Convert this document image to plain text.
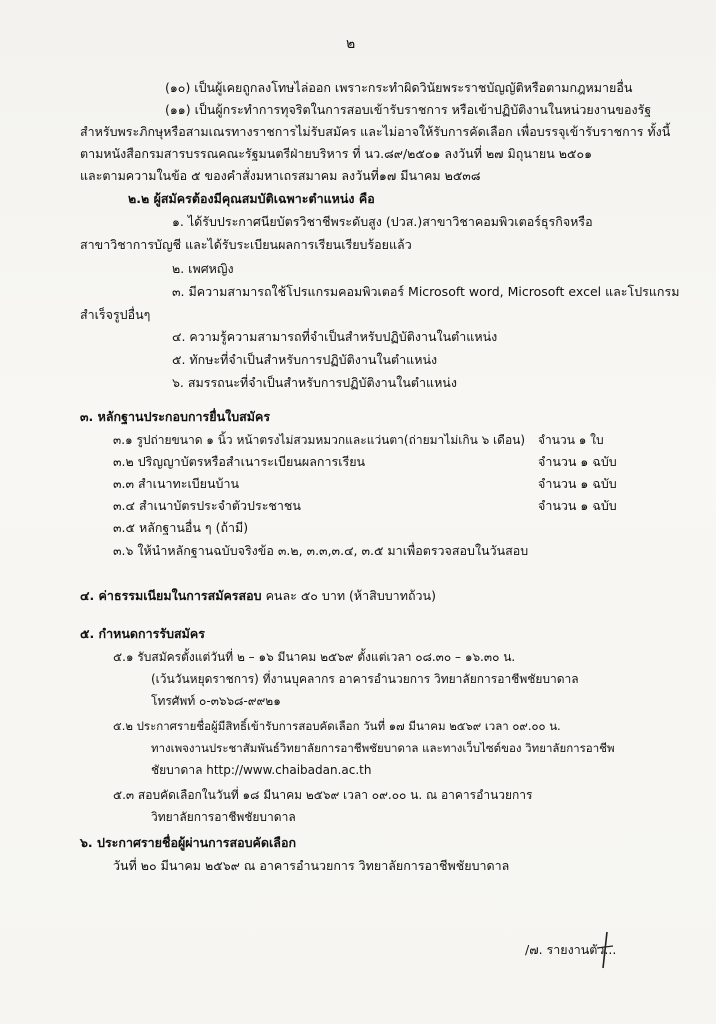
๒
(๑๐) เป็นผู้เคยถูกลงโทษไล่ออก เพราะกระทำผิดวินัยพระราชบัญญัติหรือตามกฎหมายอื่น
(๑๑) เป็นผู้กระทำการทุจริตในการสอบเข้ารับราชการ หรือเข้าปฏิบัติงานในหน่วยงานของรัฐ
สำหรับพระภิกษุหรือสามเณรทางราชการไม่รับสมัคร และไม่อาจให้รับการคัดเลือก เพื่อบรรจุเข้ารับราชการ ทั้งนี้
ตามหนังสือกรมสารบรรณคณะรัฐมนตรีฝ่ายบริหาร ที่ นว.๘๙/๒๕๐๑ ลงวันที่ ๒๗ มิถุนายน ๒๕๐๑
และตามความในข้อ ๕ ของคำสั่งมหาเถรสมาคม ลงวันที่๑๗ มีนาคม ๒๕๓๘
๒.๒ ผู้สมัครต้องมีคุณสมบัติเฉพาะตำแหน่ง คือ
๑. ได้รับประกาศนียบัตรวิชาชีพระดับสูง (ปวส.)สาขาวิชาคอมพิวเตอร์ธุรกิจหรือ
สาขาวิชาการบัญชี และได้รับระเบียนผลการเรียนเรียบร้อยแล้ว
๒. เพศหญิง
๓. มีความสามารถใช้โปรแกรมคอมพิวเตอร์ Microsoft word, Microsoft excel และโปรแกรม
สำเร็จรูปอื่นๆ
๔. ความรู้ความสามารถที่จำเป็นสำหรับปฏิบัติงานในตำแหน่ง
๕. ทักษะที่จำเป็นสำหรับการปฏิบัติงานในตำแหน่ง
๖. สมรรถนะที่จำเป็นสำหรับการปฏิบัติงานในตำแหน่ง
๓. หลักฐานประกอบการยื่นใบสมัคร
๓.๑ รูปถ่ายขนาด ๑ นิ้ว หน้าตรงไม่สวมหมวกและแว่นตา(ถ่ายมาไม่เกิน ๖ เดือน) จำนวน ๑ ใบ
๓.๒ ปริญญาบัตรหรือสำเนาระเบียนผลการเรียน	จำนวน ๑ ฉบับ
๓.๓ สำเนาทะเบียนบ้าน	จำนวน ๑ ฉบับ
๓.๔ สำเนาบัตรประจำตัวประชาชน	จำนวน ๑ ฉบับ
๓.๕ หลักฐานอื่น ๆ (ถ้ามี)
๓.๖ ให้นำหลักฐานฉบับจริงข้อ ๓.๒, ๓.๓,๓.๔, ๓.๕ มาเพื่อตรวจสอบในวันสอบ
๔. ค่าธรรมเนียมในการสมัครสอบ คนละ ๕๐ บาท (ห้าสิบบาทถ้วน)
๕. กำหนดการรับสมัคร
๕.๑ รับสมัครตั้งแต่วันที่ ๒ – ๑๖ มีนาคม ๒๕๖๙ ตั้งแต่เวลา ๐๘.๓๐ – ๑๖.๓๐ น.
(เว้นวันหยุดราชการ) ที่งานบุคลากร อาคารอำนวยการ วิทยาลัยการอาชีพชัยบาดาล
โทรศัพท์ ๐-๓๖๖๘-๙๙๒๑
๕.๒ ประกาศรายชื่อผู้มีสิทธิ์เข้ารับการสอบคัดเลือก วันที่ ๑๗ มีนาคม ๒๕๖๙ เวลา ๐๙.๐๐ น.
ทางเพจงานประชาสัมพันธ์วิทยาลัยการอาชีพชัยบาดาล และทางเว็บไซต์ของ วิทยาลัยการอาชีพ
ชัยบาดาล http://www.chaibadan.ac.th
๕.๓ สอบคัดเลือกในวันที่ ๑๘ มีนาคม ๒๕๖๙ เวลา ๐๙.๐๐ น. ณ อาคารอำนวยการ
วิทยาลัยการอาชีพชัยบาดาล
๖. ประกาศรายชื่อผู้ผ่านการสอบคัดเลือก
วันที่ ๒๐ มีนาคม ๒๕๖๙ ณ อาคารอำนวยการ วิทยาลัยการอาชีพชัยบาดาล
/๗. รายงานตัว...
